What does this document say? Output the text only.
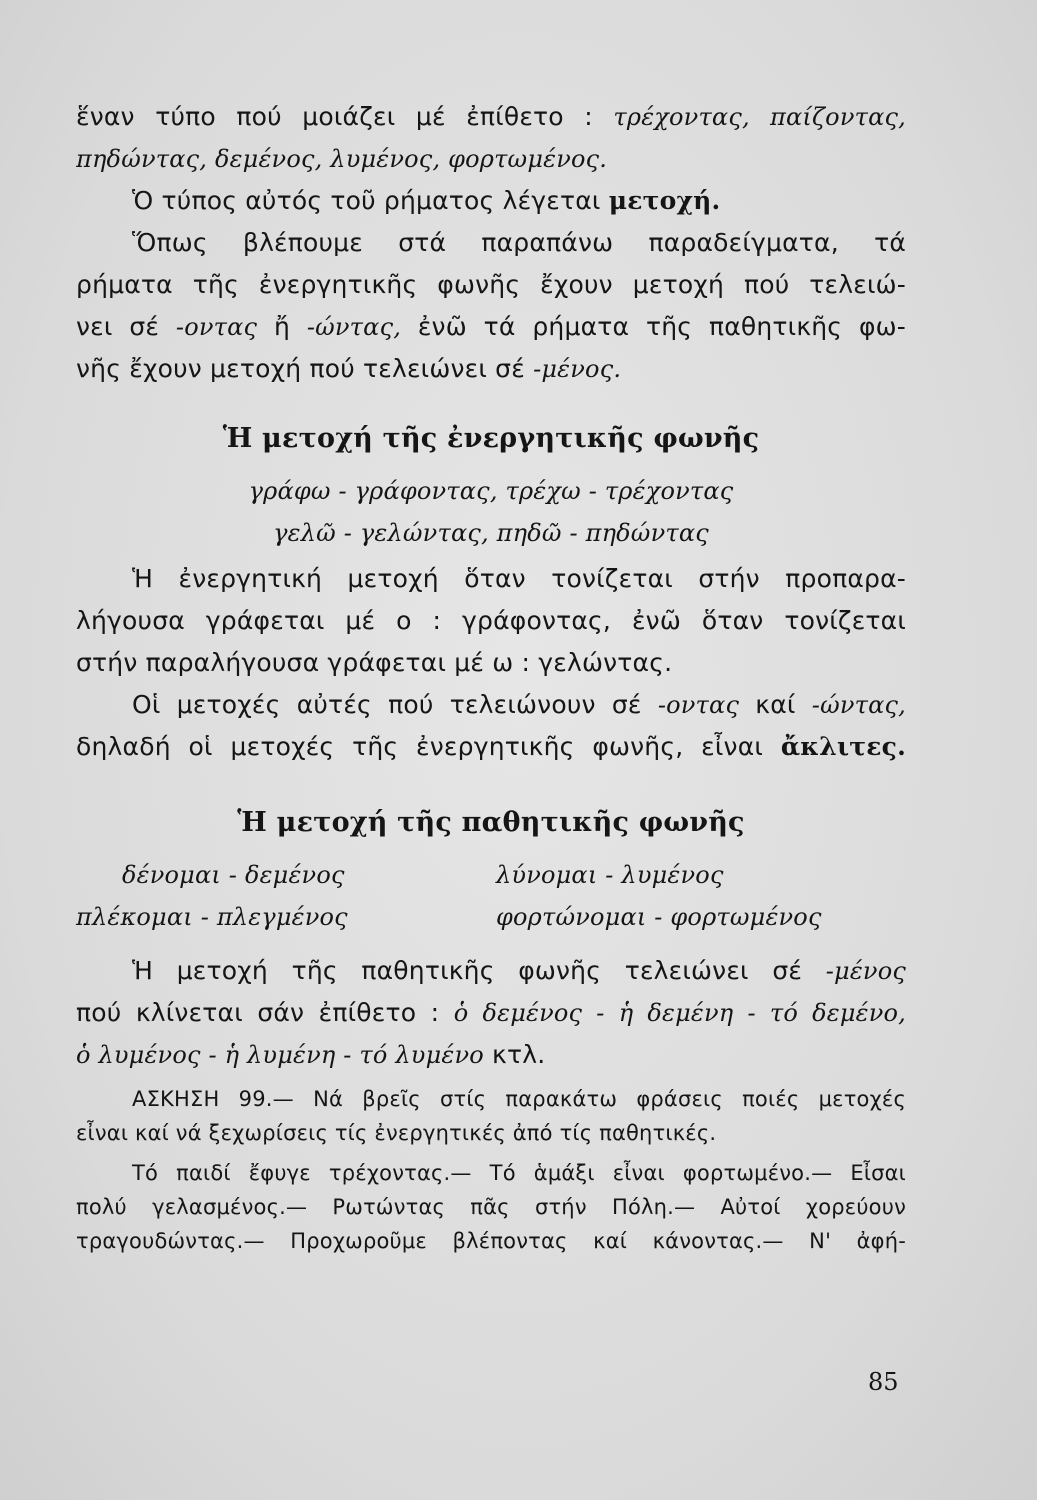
ἕναν τύπο πού μοιάζει μέ ἐπίθετο : τρέχοντας, παίζοντας,
πηδώντας, δεμένος, λυμένος, φορτωμένος.
Ὁ τύπος αὐτός τοῦ ρήματος λέγεται μετοχή.
Ὅπως βλέπουμε στά παραπάνω παραδείγματα, τά
ρήματα τῆς ἐνεργητικῆς φωνῆς ἔχουν μετοχή πού τελειώ-
νει σέ -οντας ἤ -ώντας, ἐνῶ τά ρήματα τῆς παθητικῆς φω-
νῆς ἔχουν μετοχή πού τελειώνει σέ -μένος.
Ἡ μετοχή τῆς ἐνεργητικῆς φωνῆς
γράφω - γράφοντας, τρέχω - τρέχοντας
γελῶ - γελώντας, πηδῶ - πηδώντας
Ἡ ἐνεργητική μετοχή ὅταν τονίζεται στήν προπαρα-
λήγουσα γράφεται μέ ο : γράφοντας, ἐνῶ ὅταν τονίζεται
στήν παραλήγουσα γράφεται μέ ω : γελώντας.
Οἱ μετοχές αὐτές πού τελειώνουν σέ -οντας καί -ώντας,
δηλαδή οἱ μετοχές τῆς ἐνεργητικῆς φωνῆς, εἶναι ἄκλιτες.
Ἡ μετοχή τῆς παθητικῆς φωνῆς
δένομαι - δεμένος	λύνομαι - λυμένος
πλέκομαι - πλεγμένος	φορτώνομαι - φορτωμένος
Ἡ μετοχή τῆς παθητικῆς φωνῆς τελειώνει σέ -μένος
πού κλίνεται σάν ἐπίθετο : ὁ δεμένος - ἡ δεμένη - τό δεμένο,
ὁ λυμένος - ἡ λυμένη - τό λυμένο κτλ.
ΑΣΚΗΣΗ 99.— Νά βρεῖς στίς παρακάτω φράσεις ποιές μετοχές
εἶναι καί νά ξεχωρίσεις τίς ἐνεργητικές ἀπό τίς παθητικές.
Τό παιδί ἔφυγε τρέχοντας.— Τό ἁμάξι εἶναι φορτωμένο.— Εἶσαι
πολύ γελασμένος.— Ρωτώντας πᾶς στήν Πόλη.— Αὐτοί χορεύουν
τραγουδώντας.— Προχωροῦμε βλέποντας καί κάνοντας.— Ν' ἀφή-
85
